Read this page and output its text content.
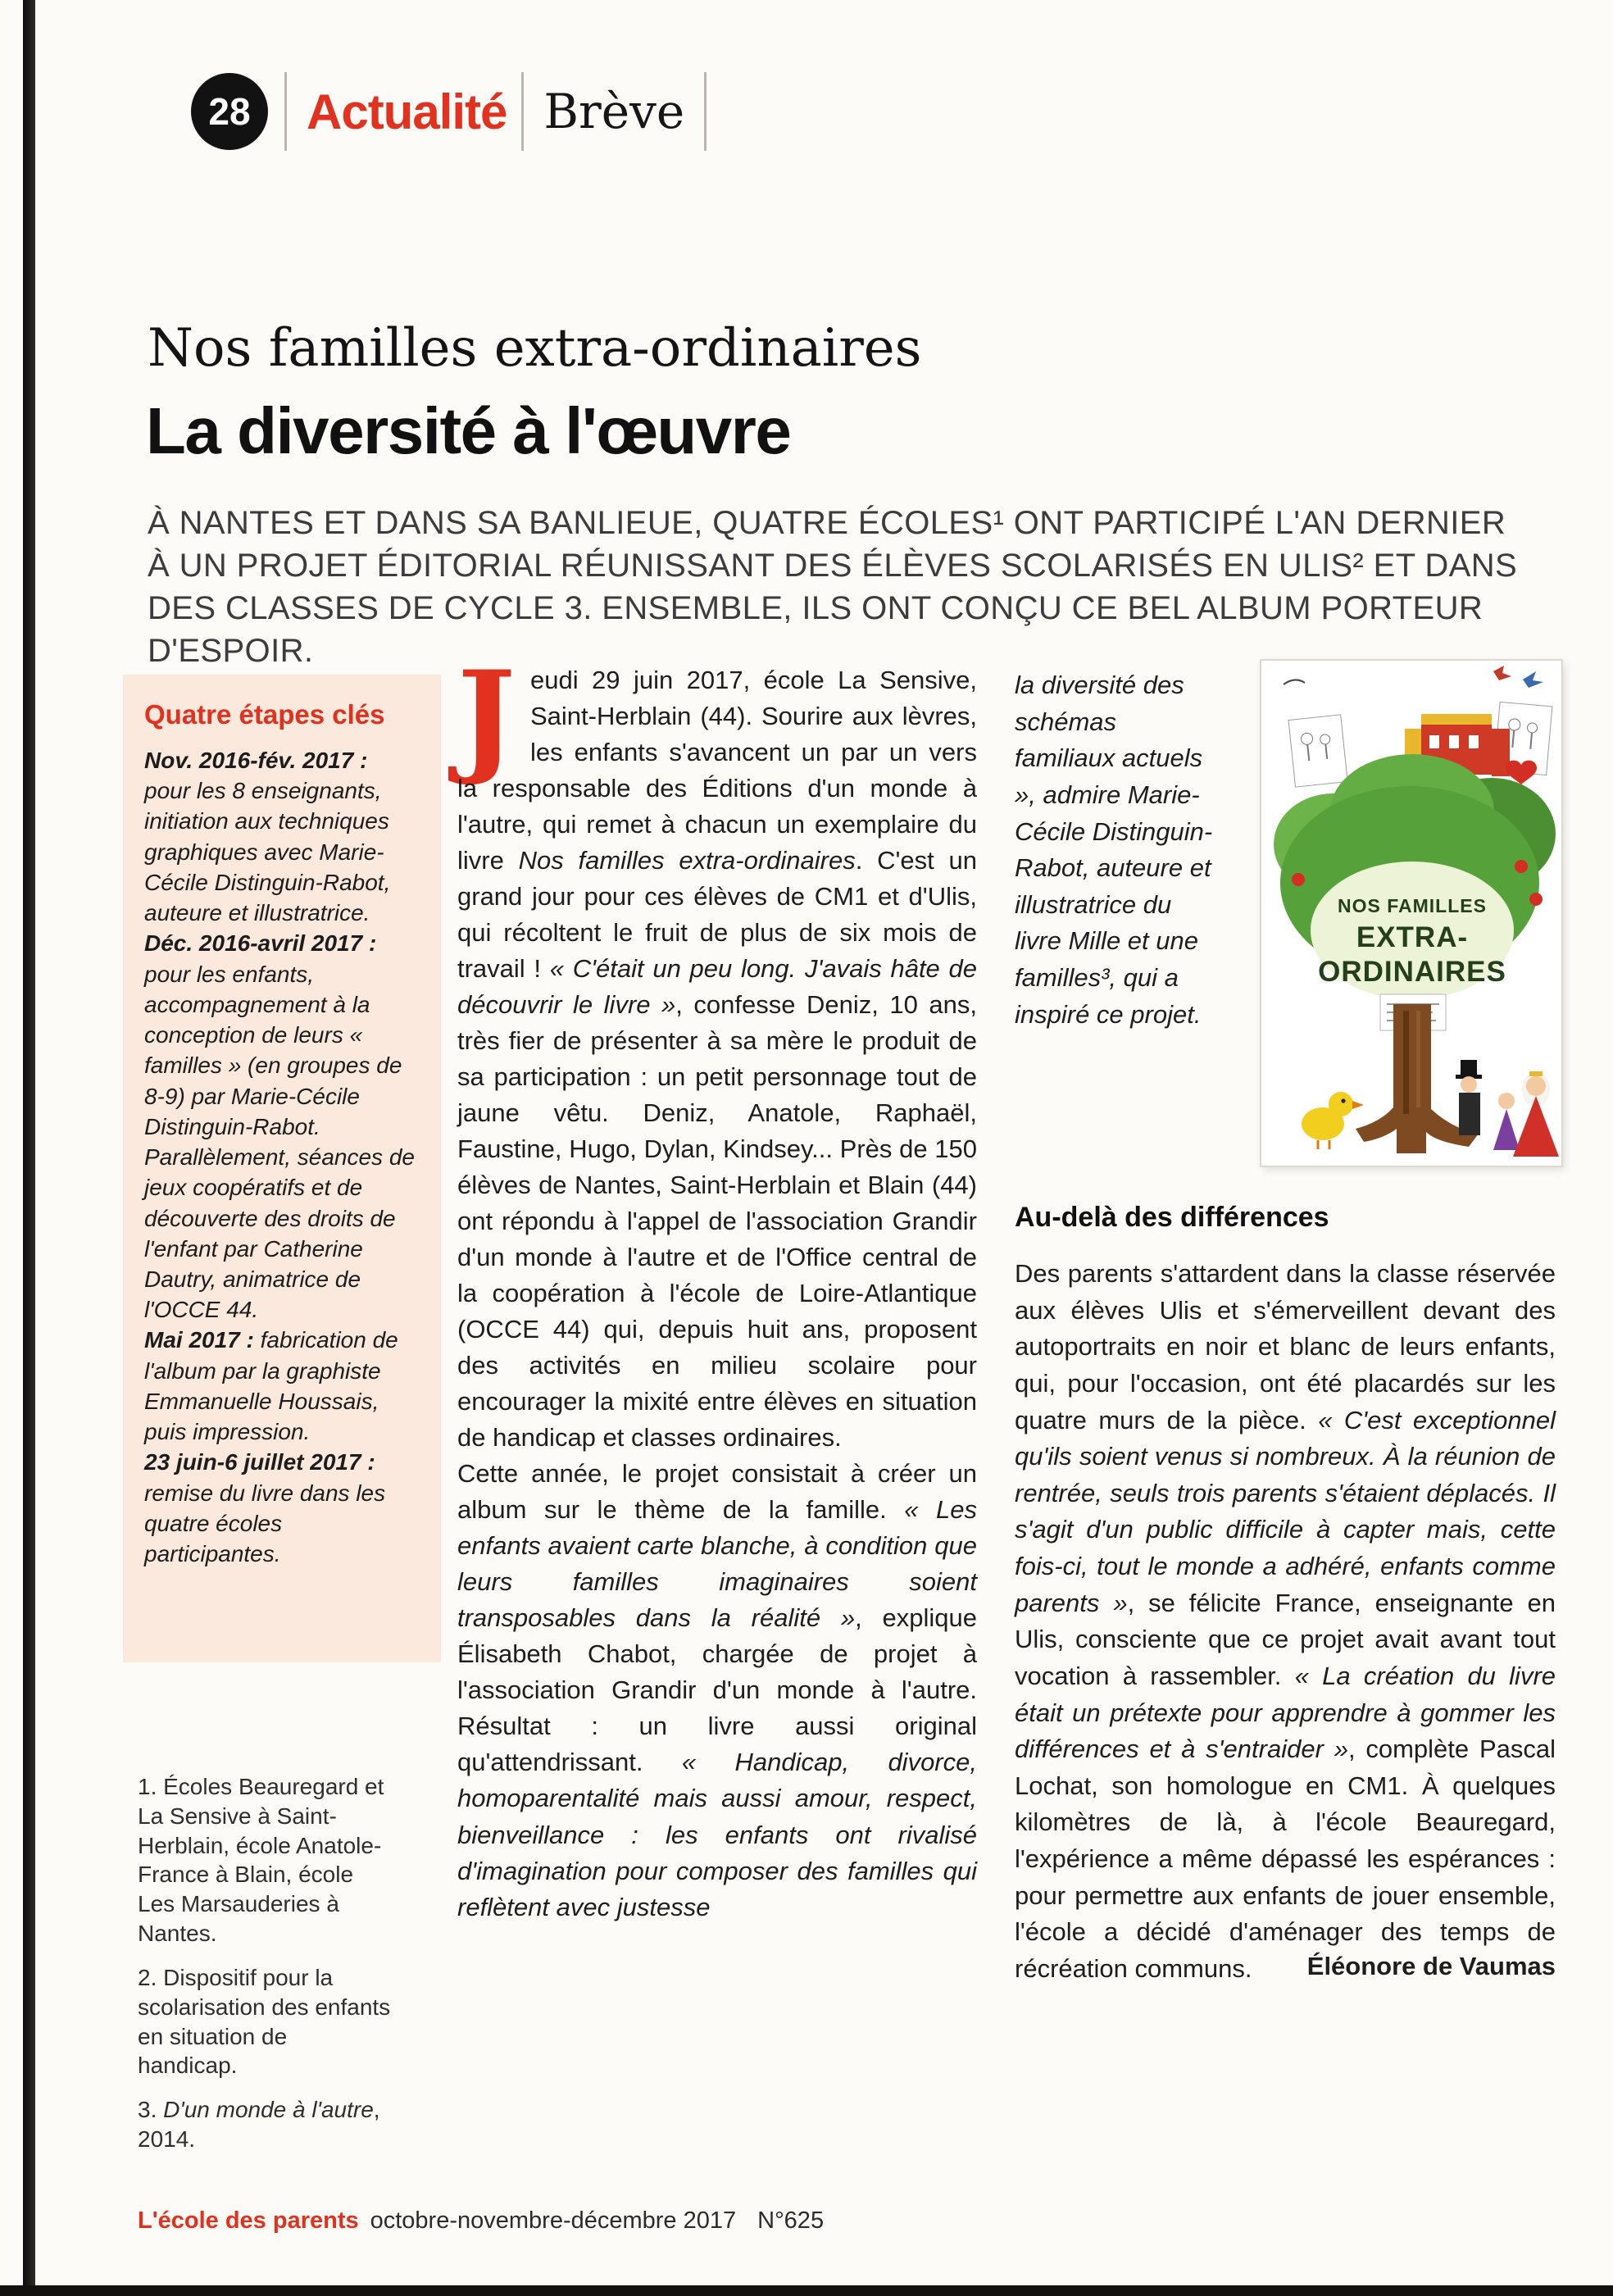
28	Actualité Brève
Nos familles extra-ordinaires
La diversité à l'œuvre

À NANTES ET DANS SA BANLIEUE, QUATRE ÉCOLES¹ ONT PARTICIPÉ L'AN DERNIER À UN PROJET ÉDITORIAL RÉUNISSANT DES ÉLÈVES SCOLARISÉS EN ULIS² ET DANS DES CLASSES DE CYCLE 3. ENSEMBLE, ILS ONT CONÇU CE BEL ALBUM PORTEUR D'ESPOIR.

Quatre étapes clés

Nov. 2016-fév. 2017 : pour les 8 enseignants, initiation aux techniques graphiques avec Marie-Cécile Distinguin-Rabot, auteure et illustratrice.

Déc. 2016-avril 2017 : pour les enfants, accompagnement à la conception de leurs « familles » (en groupes de 8-9) par Marie-Cécile Distinguin-Rabot. Parallèlement, séances de jeux coopératifs et de découverte des droits de l'enfant par Catherine Dautry, animatrice de l'OCCE 44.

Mai 2017 : fabrication de l'album par la graphiste Emmanuelle Houssais, puis impression.

23 juin-6 juillet 2017 : remise du livre dans les quatre écoles participantes.

1. Écoles Beauregard et La Sensive à Saint-Herblain, école Anatole-France à Blain, école Les Marsauderies à Nantes.

2. Dispositif pour la scolarisation des enfants en situation de handicap.

3. D'un monde à l'autre, 2014.

Jeudi 29 juin 2017, école La Sensive, Saint-Herblain (44). Sourire aux lèvres, les enfants s'avancent un par un vers la responsable des Éditions d'un monde à l'autre, qui remet à chacun un exemplaire du livre Nos familles extra-ordinaires. C'est un grand jour pour ces élèves de CM1 et d'Ulis, qui récoltent le fruit de plus de six mois de travail ! « C'était un peu long. J'avais hâte de découvrir le livre », confesse Deniz, 10 ans, très fier de présenter à sa mère le produit de sa participation : un petit personnage tout de jaune vêtu. Deniz, Anatole, Raphaël, Faustine, Hugo, Dylan, Kindsey... Près de 150 élèves de Nantes, Saint-Herblain et Blain (44) ont répondu à l'appel de l'association Grandir d'un monde à l'autre et de l'Office central de la coopération à l'école de Loire-Atlantique (OCCE 44) qui, depuis huit ans, proposent des activités en milieu scolaire pour encourager la mixité entre élèves en situation de handicap et classes ordinaires.

Cette année, le projet consistait à créer un album sur le thème de la famille. « Les enfants avaient carte blanche, à condition que leurs familles imaginaires soient transposables dans la réalité », explique Élisabeth Chabot, chargée de projet à l'association Grandir d'un monde à l'autre. Résultat : un livre aussi original qu'attendrissant. « Handicap, divorce, homoparentalité mais aussi amour, respect, bienveillance : les enfants ont rivalisé d'imagination pour composer des familles qui reflètent avec justesse

la diversité des schémas familiaux actuels », admire Marie-Cécile Distinguin-Rabot, auteure et illustratrice du livre Mille et une familles³, qui a inspiré ce projet.

NOS FAMILLES
EXTRA-
ORDINAIRES
Au-delà des différences

Des parents s'attardent dans la classe réservée aux élèves Ulis et s'émerveillent devant des autoportraits en noir et blanc de leurs enfants, qui, pour l'occasion, ont été placardés sur les quatre murs de la pièce. « C'est exceptionnel qu'ils soient venus si nombreux. À la réunion de rentrée, seuls trois parents s'étaient déplacés. Il s'agit d'un public difficile à capter mais, cette fois-ci, tout le monde a adhéré, enfants comme parents », se félicite France, enseignante en Ulis, consciente que ce projet avait avant tout vocation à rassembler. « La création du livre était un prétexte pour apprendre à gommer les différences et à s'entraider », complète Pascal Lochat, son homologue en CM1. À quelques kilomètres de là, à l'école Beauregard, l'expérience a même dépassé les espérances : pour permettre aux enfants de jouer ensemble, l'école a décidé d'aménager des temps de récréation communs.	Éléonore de Vaumas
L'école des parents octobre-novembre-décembre 2017 N°625
